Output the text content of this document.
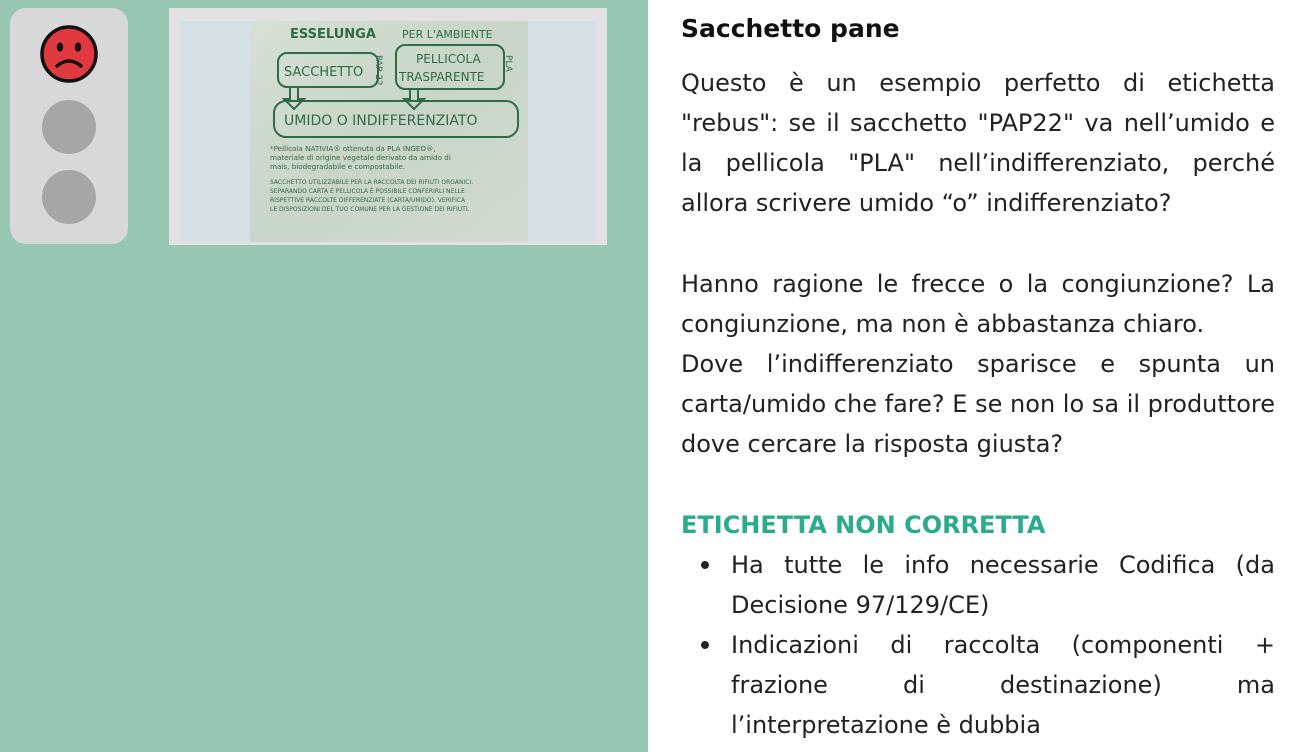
ESSELUNGA PER L'AMBIENTE
SACCHETTO PAP 22	PELLICOLA
TRASPARENTE
PLA
UMIDO O INDIFFERENZIATO
*Pellicola NATIVIA® ottenuta da PLA INGEO®,
materiale di origine vegetale derivato da amido di
mais, biodegradabile e compostabile.
SACCHETTO UTILIZZABILE PER LA RACCOLTA DEI RIFIUTI ORGANICI.
SEPARANDO CARTA E PELLICOLA È POSSIBILE CONFERIRLI NELLE
RISPETTIVE RACCOLTE DIFFERENZIATE (CARTA/UMIDO). VERIFICA
LE DISPOSIZIONI DEL TUO COMUNE PER LA GESTIONE DEI RIFIUTI.
Sacchetto pane

Questo è un esempio perfetto di etichetta "rebus": se il sacchetto "PAP22" va nell’umido e la pellicola "PLA" nell’indifferenziato, perché allora scrivere umido “o” indifferenziato?

Hanno ragione le frecce o la congiunzione? La congiunzione, ma non è abbastanza chiaro.

Dove l’indifferenziato sparisce e spunta un carta/umido che fare? E se non lo sa il produttore dove cercare la risposta giusta?

ETICHETTA NON CORRETTA
Ha tutte le info necessarie Codifica (da Decisione 97/129/CE)
Indicazioni di raccolta (componenti + frazione di destinazione) ma l’interpretazione è dubbia
